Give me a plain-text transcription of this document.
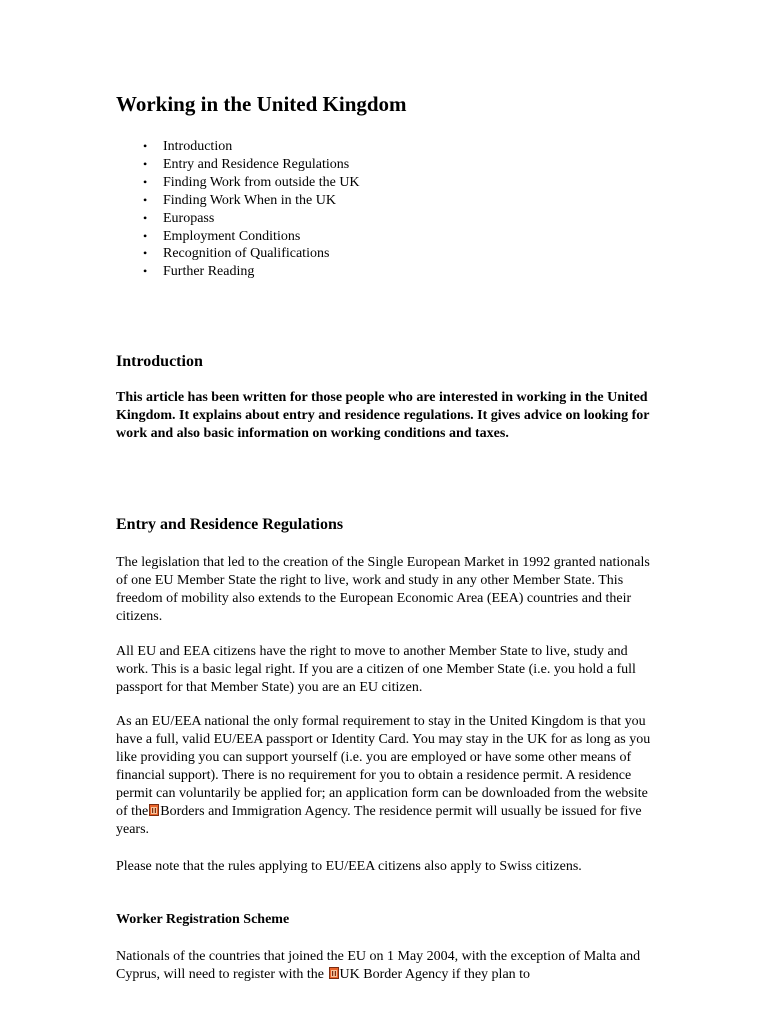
Working in the United Kingdom
• Introduction
• Entry and Residence Regulations
• Finding Work from outside the UK
• Finding Work When in the UK
• Europass
• Employment Conditions
• Recognition of Qualifications
• Further Reading
Introduction

This article has been written for those people who are interested in working in the United Kingdom. It explains about entry and residence regulations. It gives advice on looking for work and also basic information on working conditions and taxes.

Entry and Residence Regulations

The legislation that led to the creation of the Single European Market in 1992 granted nationals of one EU Member State the right to live, work and study in any other Member State. This freedom of mobility also extends to the European Economic Area (EEA) countries and their citizens.

All EU and EEA citizens have the right to move to another Member State to live, study and work. This is a basic legal right. If you are a citizen of one Member State (i.e. you hold a full passport for that Member State) you are an EU citizen.

As an EU/EEA national the only formal requirement to stay in the United Kingdom is that you have a full, valid EU/EEA passport or Identity Card. You may stay in the UK for as long as you like providing you can support yourself (i.e. you are employed or have some other means of financial support). There is no requirement for you to obtain a residence permit. A residence permit can voluntarily be applied for; an application form can be downloaded from the website of the Borders and Immigration Agency. The residence permit will usually be issued for five years.

Please note that the rules applying to EU/EEA citizens also apply to Swiss citizens.

Worker Registration Scheme

Nationals of the countries that joined the EU on 1 May 2004, with the exception of Malta and Cyprus, will need to register with the UK Border Agency if they plan to
